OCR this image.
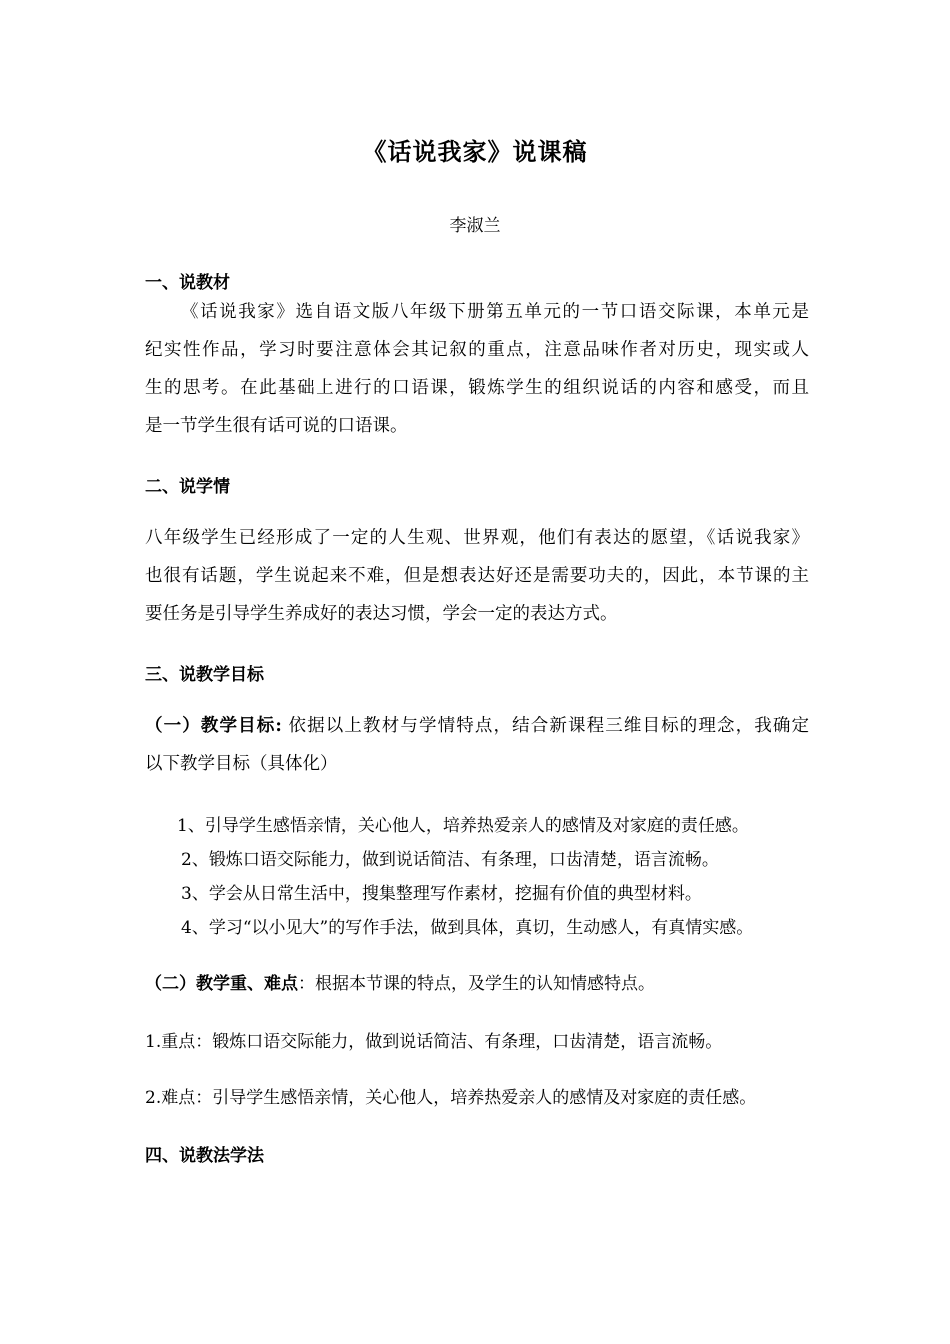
《话说我家》说课稿
李淑兰
一、说教材
《话说我家》选自语文版八年级下册第五单元的一节口语交际课，本单元是
纪实性作品，学习时要注意体会其记叙的重点，注意品味作者对历史，现实或人
生的思考。在此基础上进行的口语课，锻炼学生的组织说话的内容和感受，而且
是一节学生很有话可说的口语课。
二、说学情
八年级学生已经形成了一定的人生观、世界观，他们有表达的愿望，《话说我家》
也很有话题，学生说起来不难，但是想表达好还是需要功夫的，因此，本节课的主
要任务是引导学生养成好的表达习惯，学会一定的表达方式。
三、说教学目标
（一）教学目标: 依据以上教材与学情特点，结合新课程三维目标的理念，我确定
以下教学目标（具体化）
1、引导学生感悟亲情，关心他人，培养热爱亲人的感情及对家庭的责任感。
2、锻炼口语交际能力，做到说话简洁、有条理，口齿清楚，语言流畅。
3、学会从日常生活中，搜集整理写作素材，挖掘有价值的典型材料。
4、学习“以小见大”的写作手法，做到具体，真切，生动感人，有真情实感。
（二）教学重、难点：根据本节课的特点，及学生的认知情感特点。
1.重点：锻炼口语交际能力，做到说话简洁、有条理，口齿清楚，语言流畅。
2.难点：引导学生感悟亲情，关心他人，培养热爱亲人的感情及对家庭的责任感。
四、说教法学法
